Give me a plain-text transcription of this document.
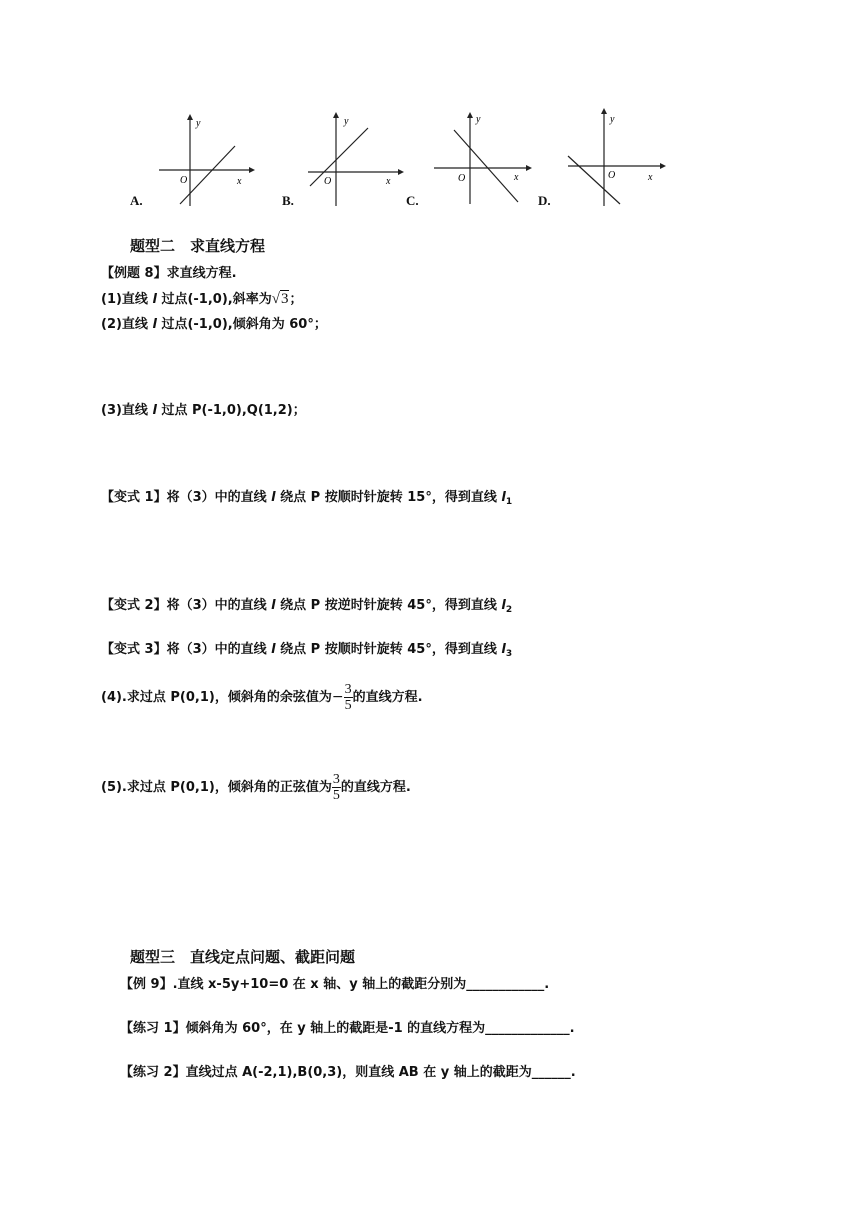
y
x
O
A.
y
x
O
B.
y
x
O
C.
y
x
O
D.
题型二　求直线方程
【例题 8】求直线方程.
(1)直线 l 过点(-1,0),斜率为√3；
(2)直线 l 过点(-1,0),倾斜角为 60°；
(3)直线 l 过点 P(-1,0),Q(1,2)；
【变式 1】将（3）中的直线 l 绕点 P 按顺时针旋转 15°，得到直线 $l_1$
【变式 2】将（3）中的直线 l 绕点 P 按逆时针旋转 45°，得到直线 $l_2$
【变式 3】将（3）中的直线 l 绕点 P 按顺时针旋转 45°，得到直线 $l_3$
(4).求过点 P(0,1)，倾斜角的余弦值为− $\frac{3}{5}$ 的直线方程.
(5).求过点 P(0,1)，倾斜角的正弦值为 $\frac{3}{5}$ 的直线方程.
题型三　直线定点问题、截距问题
【例 9】.直线 x-5y+10=0 在 x 轴、y 轴上的截距分别为____________.
【练习 1】倾斜角为 60°，在 y 轴上的截距是-1 的直线方程为_____________.
【练习 2】直线过点 A(-2,1),B(0,3)，则直线 AB 在 y 轴上的截距为______.
